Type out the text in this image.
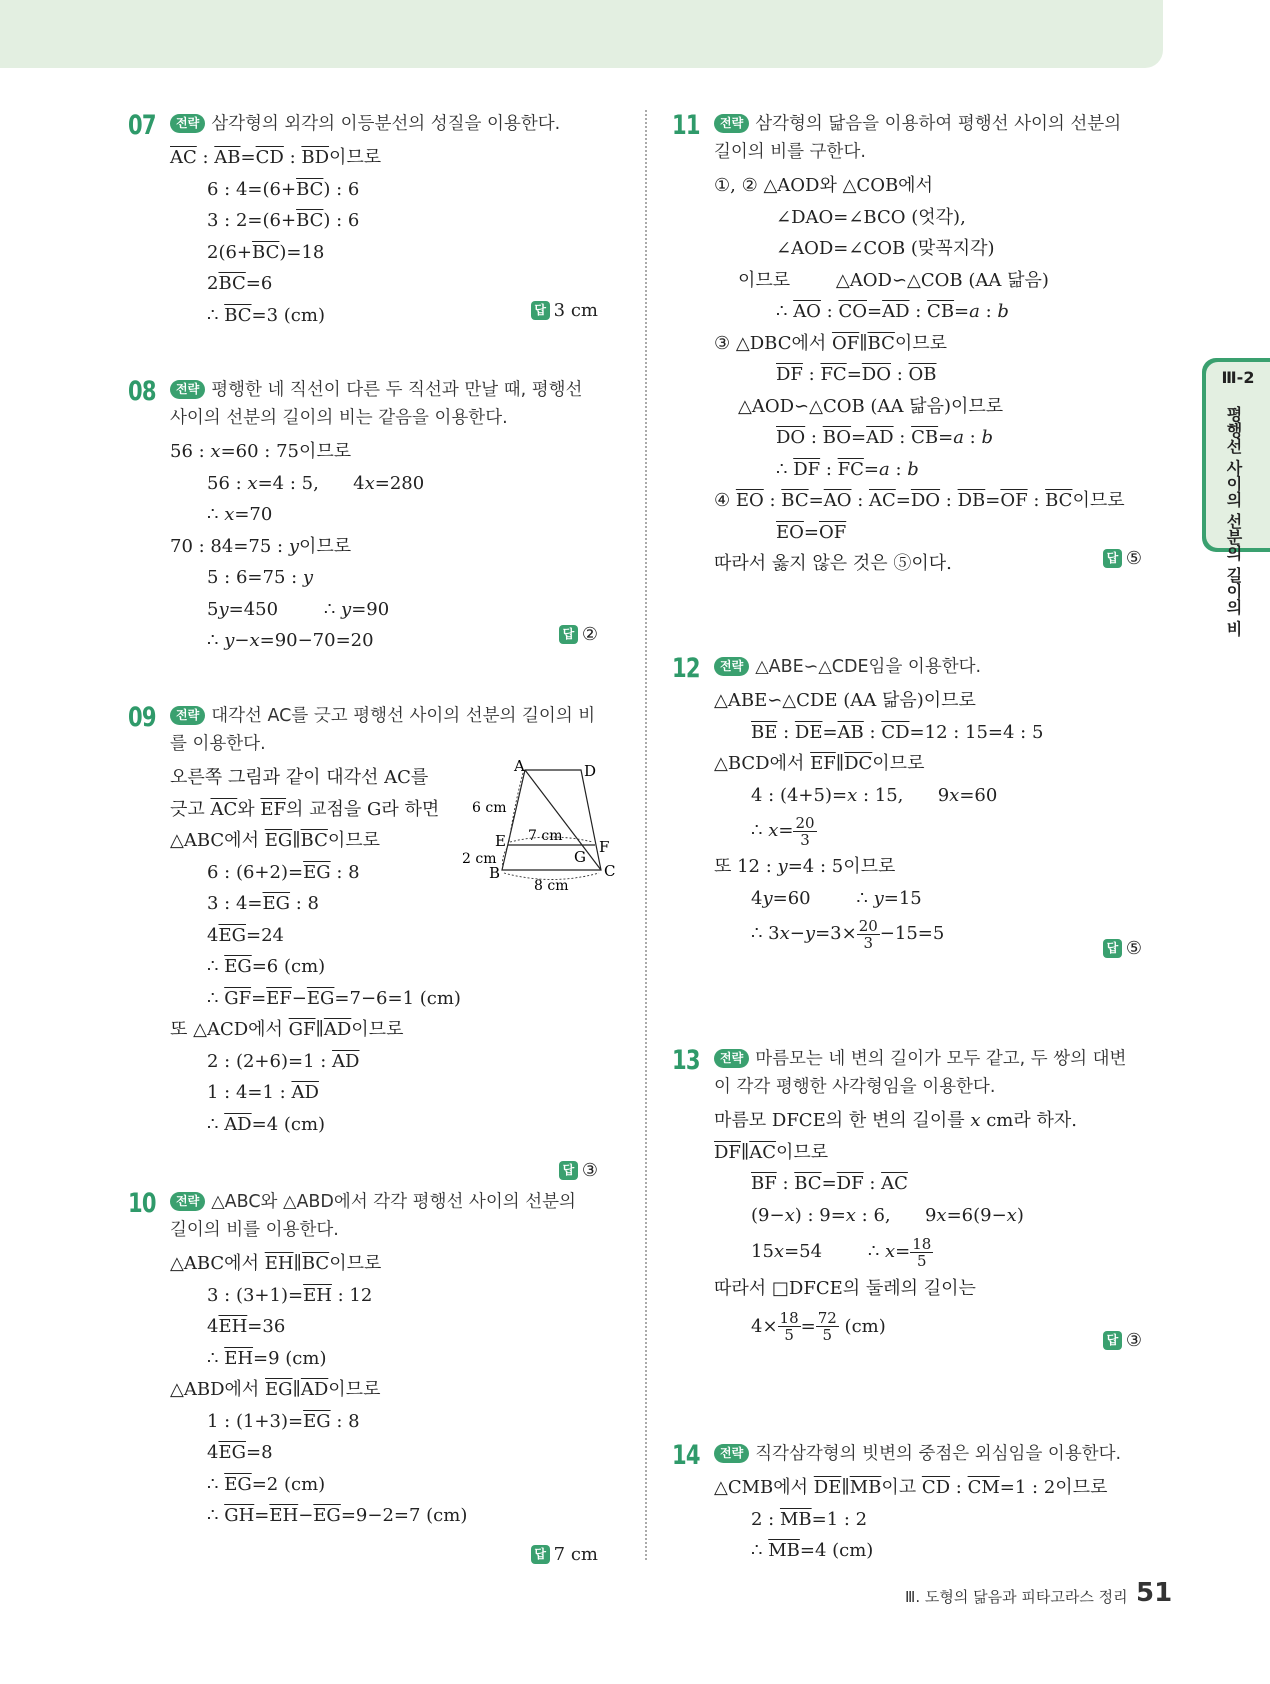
Ⅲ-2
평행선 사이의 선분의 길이의 비
07	전략 삼각형의 외각의 이등분선의 성질을 이용한다.
$\overline{AC}$ : $\overline{AB}=\overline{CD}$ : $\overline{BD}$이므로
6 : $4=(6+\overline{BC})$ : 6
3 : $2=(6+\overline{BC})$ : 6
$2(6+\overline{BC})=18$
$2\overline{BC}=6$
∴ $\overline{BC}=3$ (cm)	답 3 cm
08	전략 평행한 네 직선이 다른 두 직선과 만날 때, 평행선 사이의 선분의 길이의 비는 같음을 이용한다.
56 : x=60 : 75이므로
56 : x=4 : 5,      4x=280
∴ x=70
70 : 84=75 : y이므로
5 : 6=75 : y
5y=450        ∴ y=90
∴ y−x=90−70=20	답 ②
09	전략 대각선 AC를 긋고 평행선 사이의 선분의 길이의 비를 이용한다.
오른쪽 그림과 같이 대각선 AC를
긋고 $\overline{AC}$와 $\overline{EF}$의 교점을 G라 하면
△ABC에서 $\overline{EG}\parallel\overline{BC}$이므로
6 : $(6+2)=\overline{EG}$ : 8
3 : $4=\overline{EG}$ : 8
$4\overline{EG}=24$
∴ $\overline{EG}=6$ (cm)
∴ $\overline{GF}=\overline{EF}-\overline{EG}=7-6=1$ (cm)
또 △ACD에서 $\overline{GF}\parallel\overline{AD}$이므로
2 : (2+6)=1 : $\overline{AD}$
1 : 4=1 : $\overline{AD}$
∴ $\overline{AD}=4$ (cm)
A	D
E	F
G
B	C
6 cm
2 cm
7 cm
8 cm
답 ③
10	전략 △ABC와 △ABD에서 각각 평행선 사이의 선분의 길이의 비를 이용한다.
△ABC에서 $\overline{EH}\parallel\overline{BC}$이므로
3 : $(3+1)=\overline{EH}$ : 12
$4\overline{EH}=36$
∴ $\overline{EH}=9$ (cm)
△ABD에서 $\overline{EG}\parallel\overline{AD}$이므로
1 : $(1+3)=\overline{EG}$ : 8
$4\overline{EG}=8$
∴ $\overline{EG}=2$ (cm)
∴ $\overline{GH}=\overline{EH}-\overline{EG}=9-2=7$ (cm)
답 7 cm
11	전략 삼각형의 닮음을 이용하여 평행선 사이의 선분의 길이의 비를 구한다.
①, ② △AOD와 △COB에서
∠DAO=∠BCO (엇각),
∠AOD=∠COB (맞꼭지각)
이므로        △AOD∽△COB (AA 닮음)
∴ $\overline{AO}$ : $\overline{CO}=\overline{AD}$ : $\overline{CB}=a$ : b
③ △DBC에서 $\overline{OF}\parallel\overline{BC}$이므로
$\overline{DF}$ : $\overline{FC}=\overline{DO}$ : $\overline{OB}$
△AOD∽△COB (AA 닮음)이므로
$\overline{DO}$ : $\overline{BO}=\overline{AD}$ : $\overline{CB}=a$ : b
∴ $\overline{DF}$ : $\overline{FC}=a$ : b
④ $\overline{EO}$ : $\overline{BC}=\overline{AO}$ : $\overline{AC}=\overline{DO}$ : $\overline{DB}=\overline{OF}$ : $\overline{BC}$이므로
$\overline{EO}=\overline{OF}$
따라서 옳지 않은 것은 ⑤이다.	답 ⑤
12	전략 △ABE∽△CDE임을 이용한다.
△ABE∽△CDE (AA 닮음)이므로
$\overline{BE}$ : $\overline{DE}=\overline{AB}$ : $\overline{CD}=12$ : 15=4 : 5
△BCD에서 $\overline{EF}\parallel\overline{DC}$이므로
4 : (4+5)=x : 15,      9x=60
∴ $x= \frac{20}{3}$
또 12 : y=4 : 5이므로
4y=60        ∴ y=15
∴ $3x-y=3\times \frac{20}{3} -15=5$
답 ⑤
13	전략 마름모는 네 변의 길이가 모두 같고, 두 쌍의 대변이 각각 평행한 사각형임을 이용한다.
마름모 DFCE의 한 변의 길이를 x cm라 하자.
$\overline{DF}\parallel\overline{AC}$이므로
$\overline{BF}$ : $\overline{BC}=\overline{DF}$ : $\overline{AC}$
(9−x) : 9=x : 6,      9x=6(9−x)
15x=54        ∴ $x= \frac{18}{5}$
따라서 □DFCE의 둘레의 길이는
$4\times \frac{18}{5} = \frac{72}{5} (cm)$
답 ③
14	전략 직각삼각형의 빗변의 중점은 외심임을 이용한다.
△CMB에서 $\overline{DE}\parallel\overline{MB}$이고 $\overline{CD}$ : $\overline{CM}=1$ : 2이므로
2 : $\overline{MB}=1$ : 2
∴ $\overline{MB}=4$ (cm)
Ⅲ. 도형의 닮음과 피타고라스 정리 51
